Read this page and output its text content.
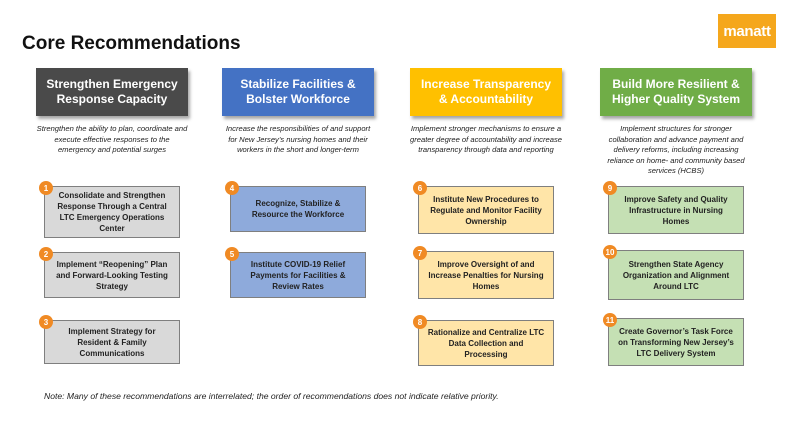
Core Recommendations
manatt
Strengthen Emergency Response Capacity
Strengthen the ability to plan, coordinate and execute effective responses to the emergency and potential surges
1
Consolidate and Strengthen Response Through a Central LTC Emergency Operations Center
2
Implement “Reopening” Plan and Forward-Looking Testing Strategy
3
Implement Strategy for Resident & Family Communications
Stabilize Facilities & Bolster Workforce
Increase the responsibilities of and support for New Jersey’s nursing homes and their workers in the short and longer-term
4
Recognize, Stabilize & Resource the Workforce
5
Institute COVID-19 Relief Payments for Facilities & Review Rates
Increase Transparency & Accountability
Implement stronger mechanisms to ensure a greater degree of accountability and increase transparency through data and reporting
6
Institute New Procedures to Regulate and Monitor Facility Ownership
7
Improve Oversight of and Increase Penalties for Nursing Homes
8
Rationalize and Centralize LTC Data Collection and Processing
Build More Resilient & Higher Quality System
Implement structures for stronger collaboration and advance payment and delivery reforms, including increasing reliance on home- and community based services (HCBS)
9
Improve Safety and Quality Infrastructure in Nursing Homes
10
Strengthen State Agency Organization and Alignment Around LTC
11
Create Governor’s Task Force on Transforming New Jersey’s LTC Delivery System
Note: Many of these recommendations are interrelated; the order of recommendations does not indicate relative priority.
